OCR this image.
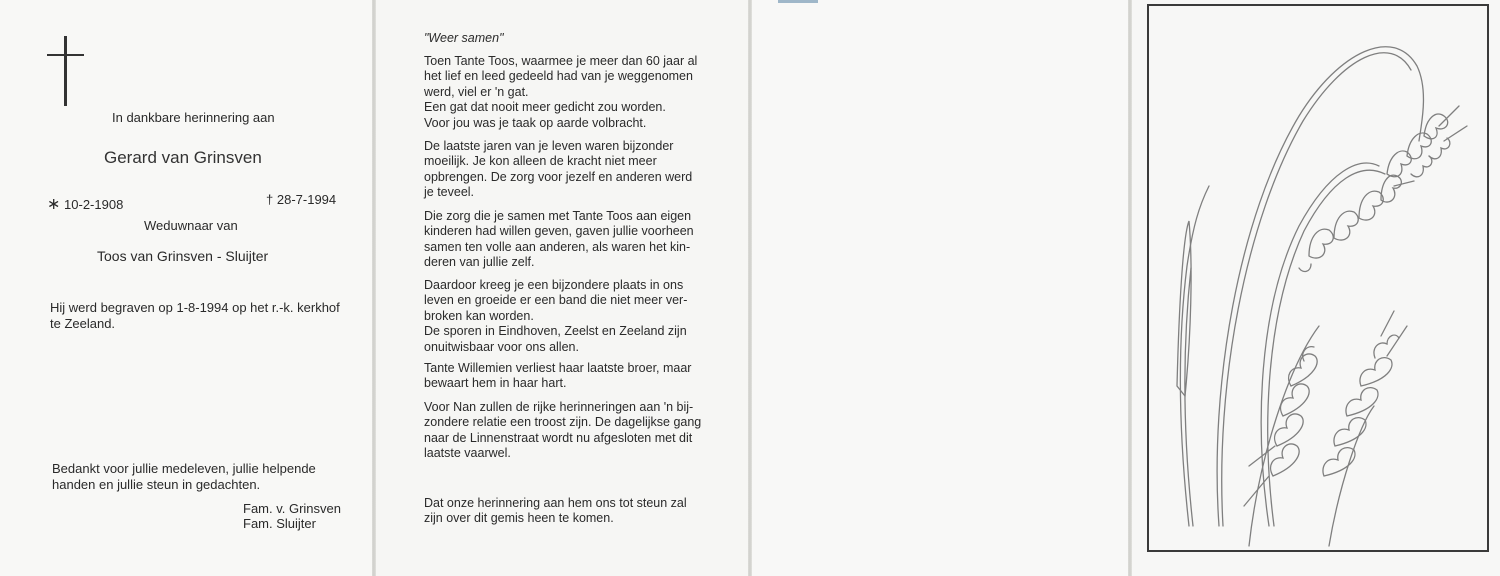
In dankbare herinnering aan
Gerard van Grinsven
∗ 10-2-1908	† 28-7-1994
Weduwnaar van
Toos van Grinsven - Sluijter
Hij werd begraven op 1-8-1994 op het r.-k. kerkhof
te Zeeland.
Bedankt voor jullie medeleven, jullie helpende
handen en jullie steun in gedachten.
Fam. v. Grinsven
Fam. Sluijter

"Weer samen"

Toen Tante Toos, waarmee je meer dan 60 jaar al

het lief en leed gedeeld had van je weggenomen

werd, viel er 'n gat.

Een gat dat nooit meer gedicht zou worden.

Voor jou was je taak op aarde volbracht.

De laatste jaren van je leven waren bijzonder

moeilijk. Je kon alleen de kracht niet meer

opbrengen. De zorg voor jezelf en anderen werd

je teveel.

Die zorg die je samen met Tante Toos aan eigen

kinderen had willen geven, gaven jullie voorheen

samen ten volle aan anderen, als waren het kin-

deren van jullie zelf.

Daardoor kreeg je een bijzondere plaats in ons

leven en groeide er een band die niet meer ver-

broken kan worden.

De sporen in Eindhoven, Zeelst en Zeeland zijn

onuitwisbaar voor ons allen.

Tante Willemien verliest haar laatste broer, maar

bewaart hem in haar hart.

Voor Nan zullen de rijke herinneringen aan 'n bij-

zondere relatie een troost zijn. De dagelijkse gang

naar de Linnenstraat wordt nu afgesloten met dit

laatste vaarwel.

Dat onze herinnering aan hem ons tot steun zal

zijn over dit gemis heen te komen.
